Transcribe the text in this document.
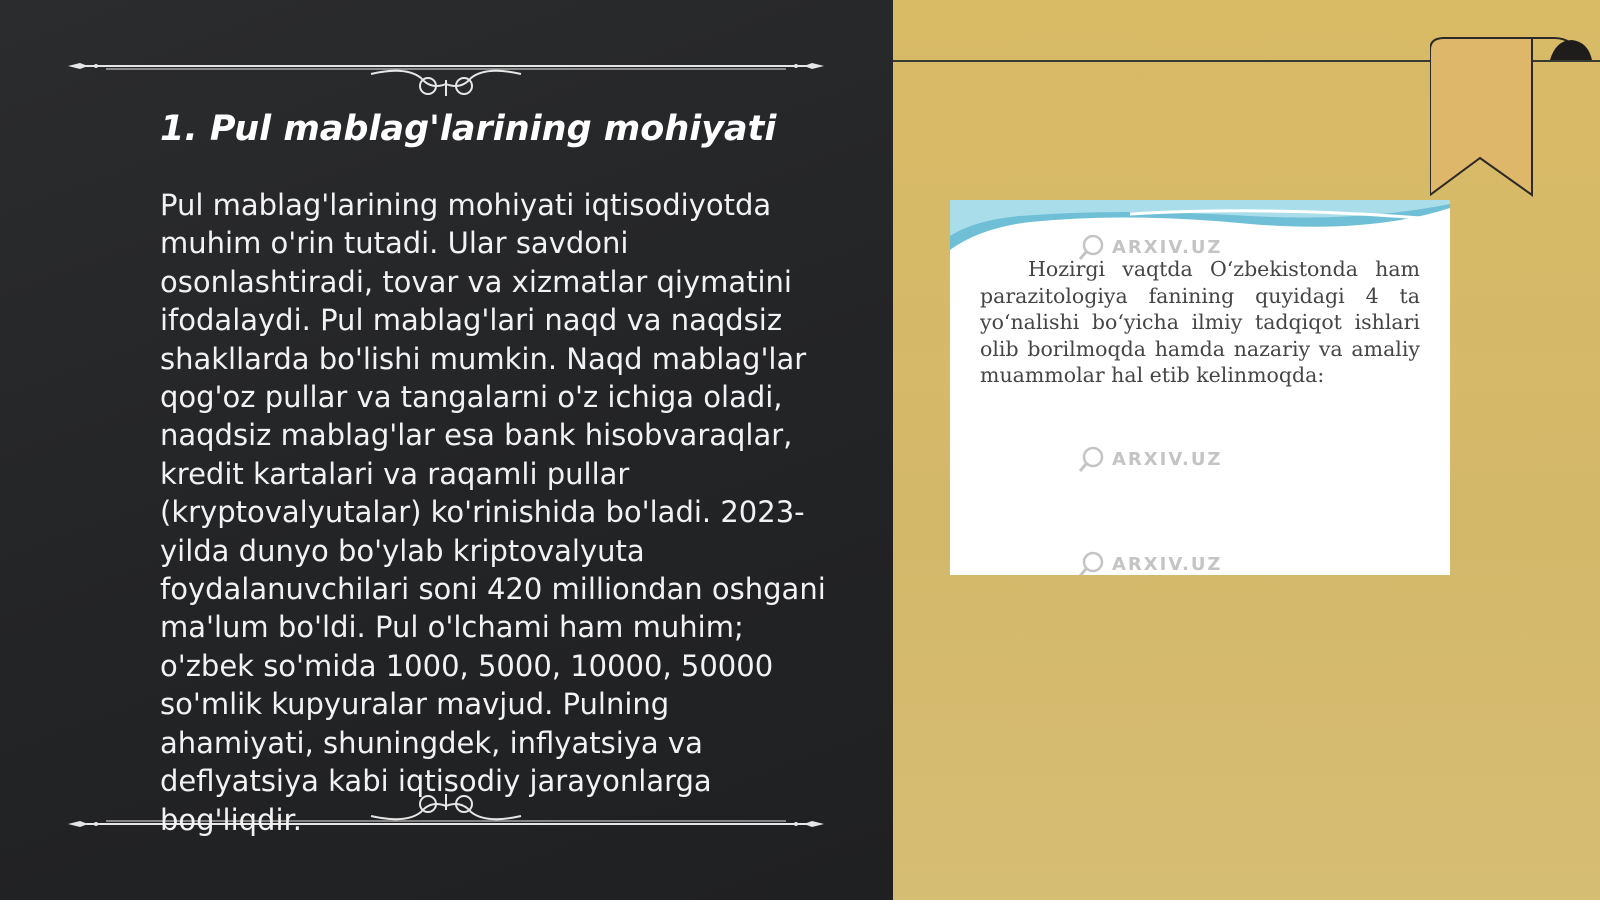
1. Pul mablag'larining mohiyati

Pul mablag'larining mohiyati iqtisodiyotda muhim o'rin tutadi. Ular savdoni osonlashtiradi, tovar va xizmatlar qiymatini ifodalaydi. Pul mablag'lari naqd va naqdsiz shakllarda bo'lishi mumkin. Naqd mablag'lar qog'oz pullar va tangalarni o'z ichiga oladi, naqdsiz mablag'lar esa bank hisobvaraqlar, kredit kartalari va raqamli pullar (kryptovalyutalar) ko'rinishida bo'ladi. 2023-yilda dunyo bo'ylab kriptovalyuta foydalanuvchilari soni 420 milliondan oshgani ma'lum bo'ldi. Pul o'lchami ham muhim; o'zbek so'mida 1000, 5000, 10000, 50000 so'mlik kupyuralar mavjud. Pulning ahamiyati, shuningdek, inflyatsiya va deflyatsiya kabi iqtisodiy jarayonlarga bog'liqdir.

ARXIV.UZ
ARXIV.UZ
ARXIV.UZ

Hozirgi vaqtda O‘zbekistonda ham parazitologiya fanining quyidagi 4 ta yo‘nalishi bo‘yicha ilmiy tadqiqot ishlari olib borilmoqda hamda nazariy va amaliy muammolar hal etib kelinmoqda:
